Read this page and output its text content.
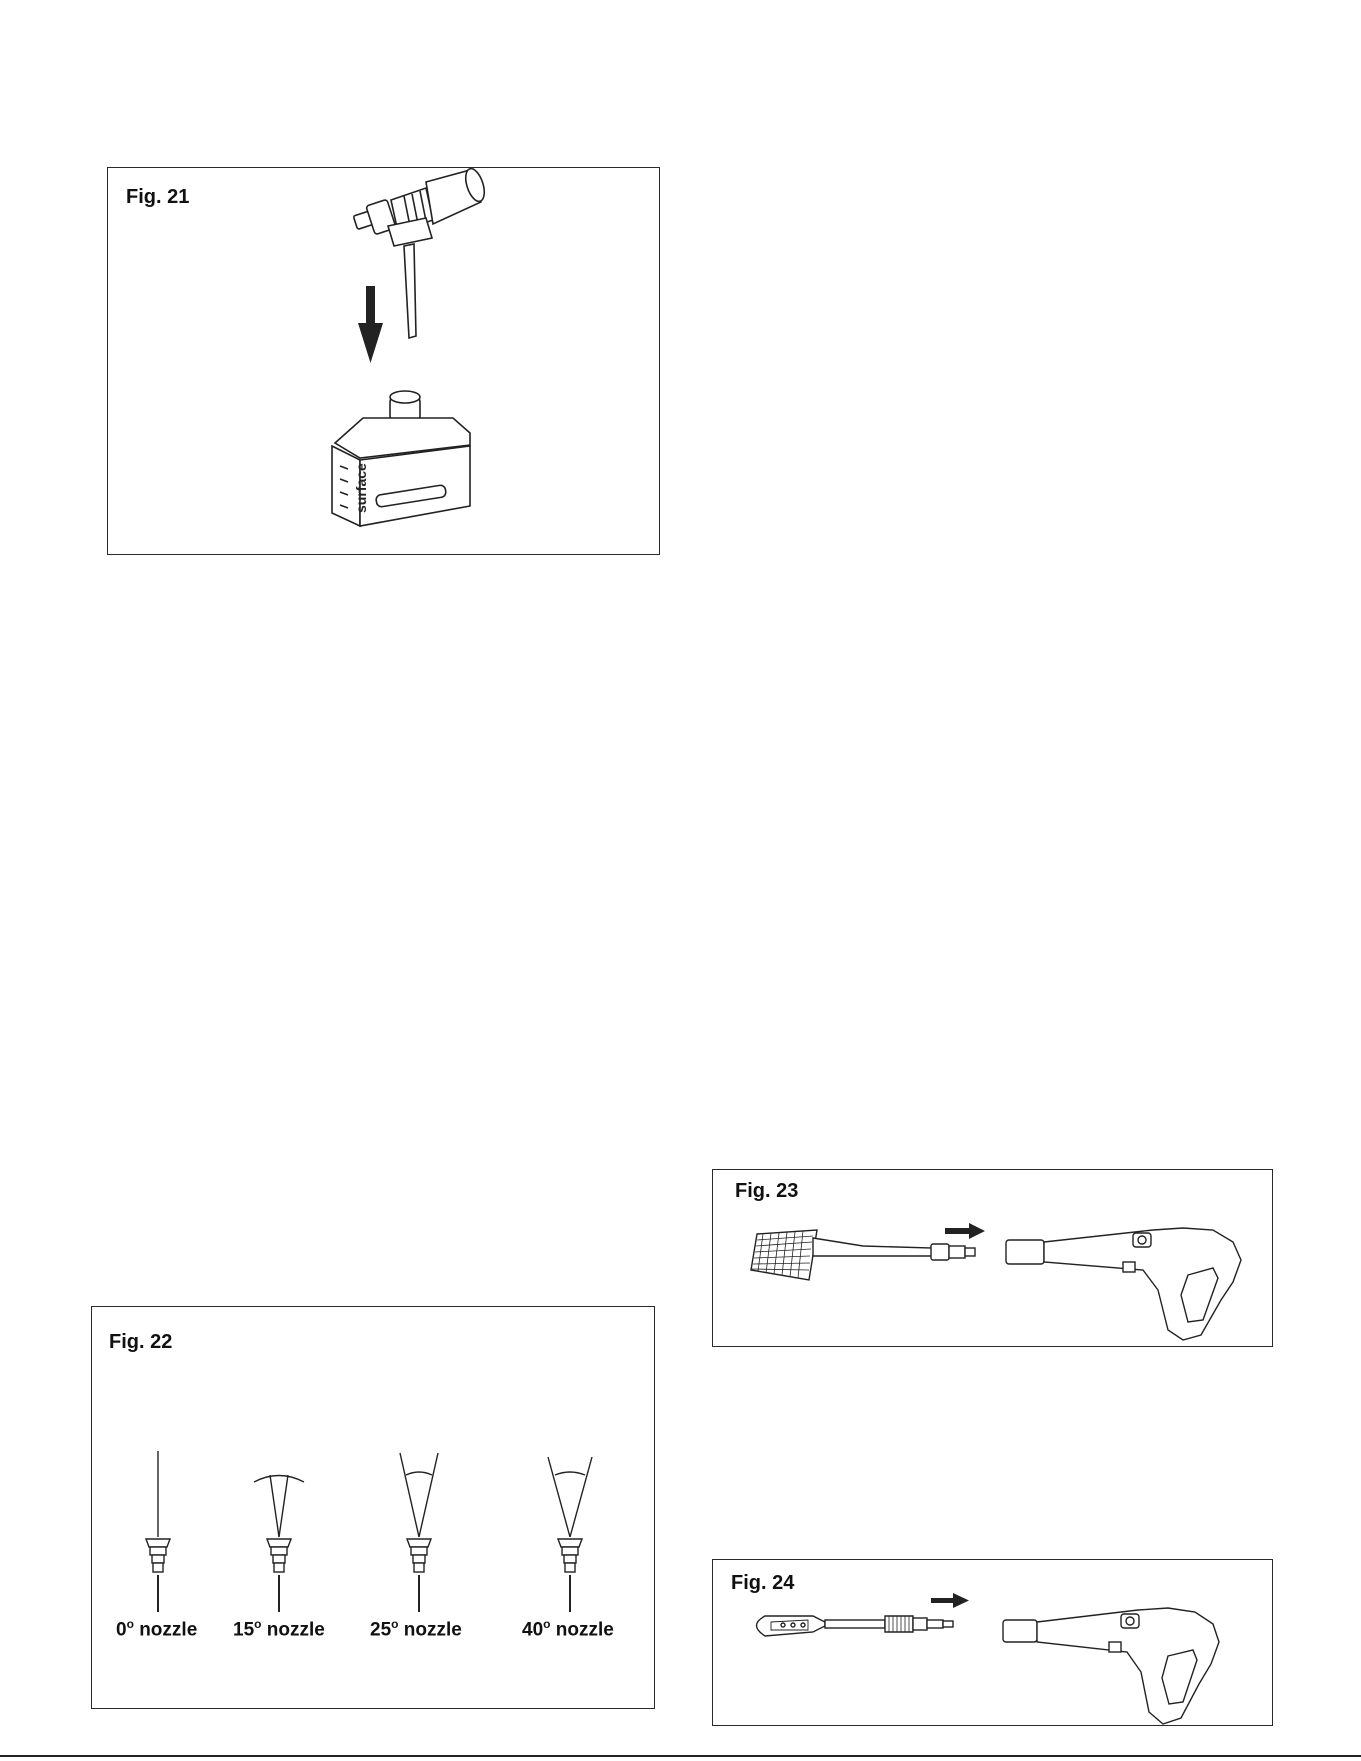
Fig. 21
surface
Fig. 22
0$^o$ nozzle 15$^o$ nozzle 25$^o$ nozzle	40$^o$ nozzle
Fig. 23
Fig. 24
